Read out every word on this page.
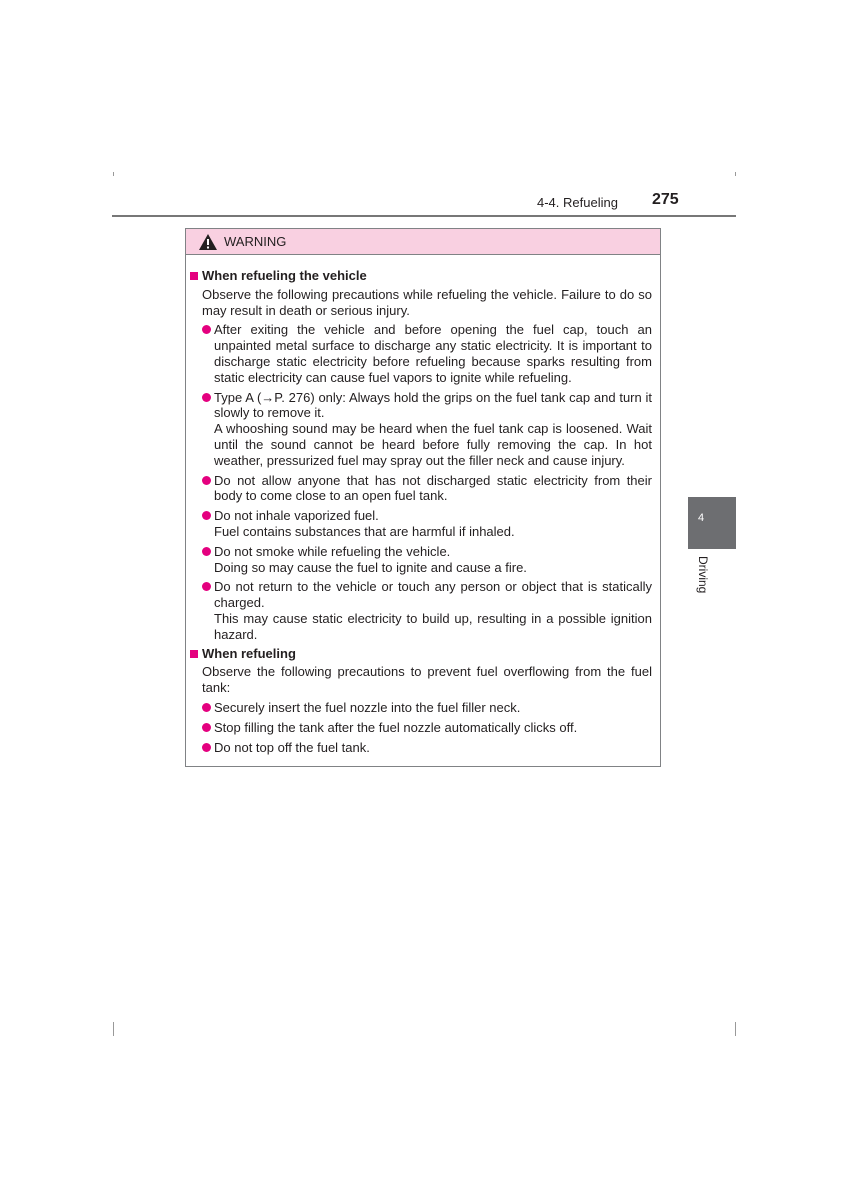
4-4. Refueling 275
4
Driving
WARNING
When refueling the vehicle
Observe the following precautions while refueling the vehicle. Failure to do so may result in death or serious injury.
After exiting the vehicle and before opening the fuel cap, touch an unpainted metal surface to discharge any static electricity. It is important to discharge static electricity before refueling because sparks resulting from static electricity can cause fuel vapors to ignite while refueling.
Type A (→P. 276) only: Always hold the grips on the fuel tank cap and turn it slowly to remove it.
A whooshing sound may be heard when the fuel tank cap is loosened. Wait until the sound cannot be heard before fully removing the cap. In hot weather, pressurized fuel may spray out the filler neck and cause injury.
Do not allow anyone that has not discharged static electricity from their body to come close to an open fuel tank.
Do not inhale vaporized fuel.
Fuel contains substances that are harmful if inhaled.
Do not smoke while refueling the vehicle.
Doing so may cause the fuel to ignite and cause a fire.
Do not return to the vehicle or touch any person or object that is statically charged.
This may cause static electricity to build up, resulting in a possible ignition hazard.
When refueling
Observe the following precautions to prevent fuel overflowing from the fuel tank:
Securely insert the fuel nozzle into the fuel filler neck.
Stop filling the tank after the fuel nozzle automatically clicks off.
Do not top off the fuel tank.
